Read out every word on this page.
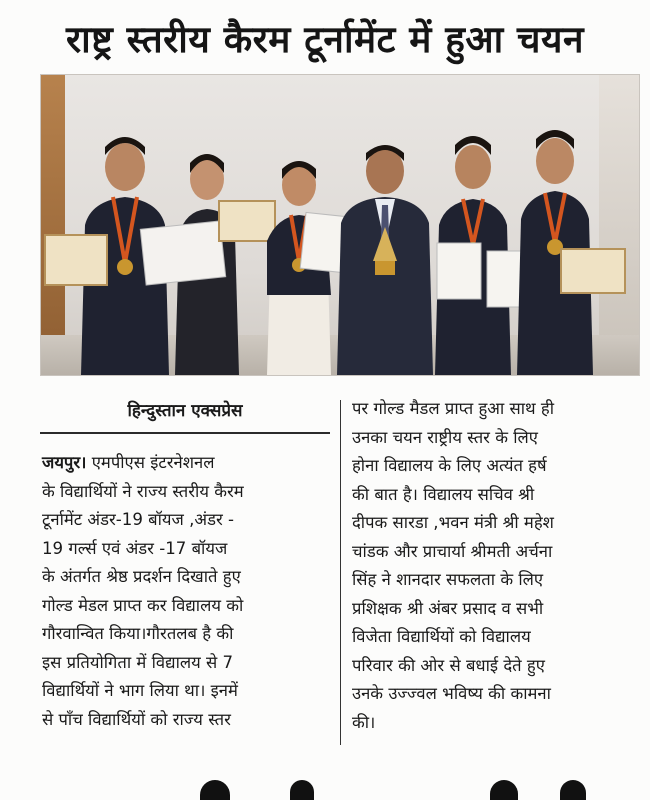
राष्ट्र स्तरीय कैरम टूर्नामेंट में हुआ चयन
हिन्दुस्तान एक्सप्रेस
जयपुर। एमपीएस इंटरनेशनल
के विद्यार्थियों ने राज्य स्तरीय कैरम
टूर्नामेंट अंडर-19 बॉयज ,अंडर -
19 गर्ल्स एवं अंडर -17 बॉयज
के अंतर्गत श्रेष्ठ प्रदर्शन दिखाते हुए
गोल्ड मेडल प्राप्त कर विद्यालय को
गौरवान्वित किया।गौरतलब है की
इस प्रतियोगिता में विद्यालय से 7
विद्यार्थियों ने भाग लिया था। इनमें
से पाँच विद्यार्थियों को राज्य स्तर
पर गोल्ड मैडल प्राप्त हुआ साथ ही
उनका चयन राष्ट्रीय स्तर के लिए
होना विद्यालय के लिए अत्यंत हर्ष
की बात है। विद्यालय सचिव श्री
दीपक सारडा ,भवन मंत्री श्री महेश
चांडक और प्राचार्या श्रीमती अर्चना
सिंह ने शानदार सफलता के लिए
प्रशिक्षक श्री अंबर प्रसाद व सभी
विजेता विद्यार्थियों को विद्यालय
परिवार की ओर से बधाई देते हुए
उनके उज्ज्वल भविष्य की कामना
की।
